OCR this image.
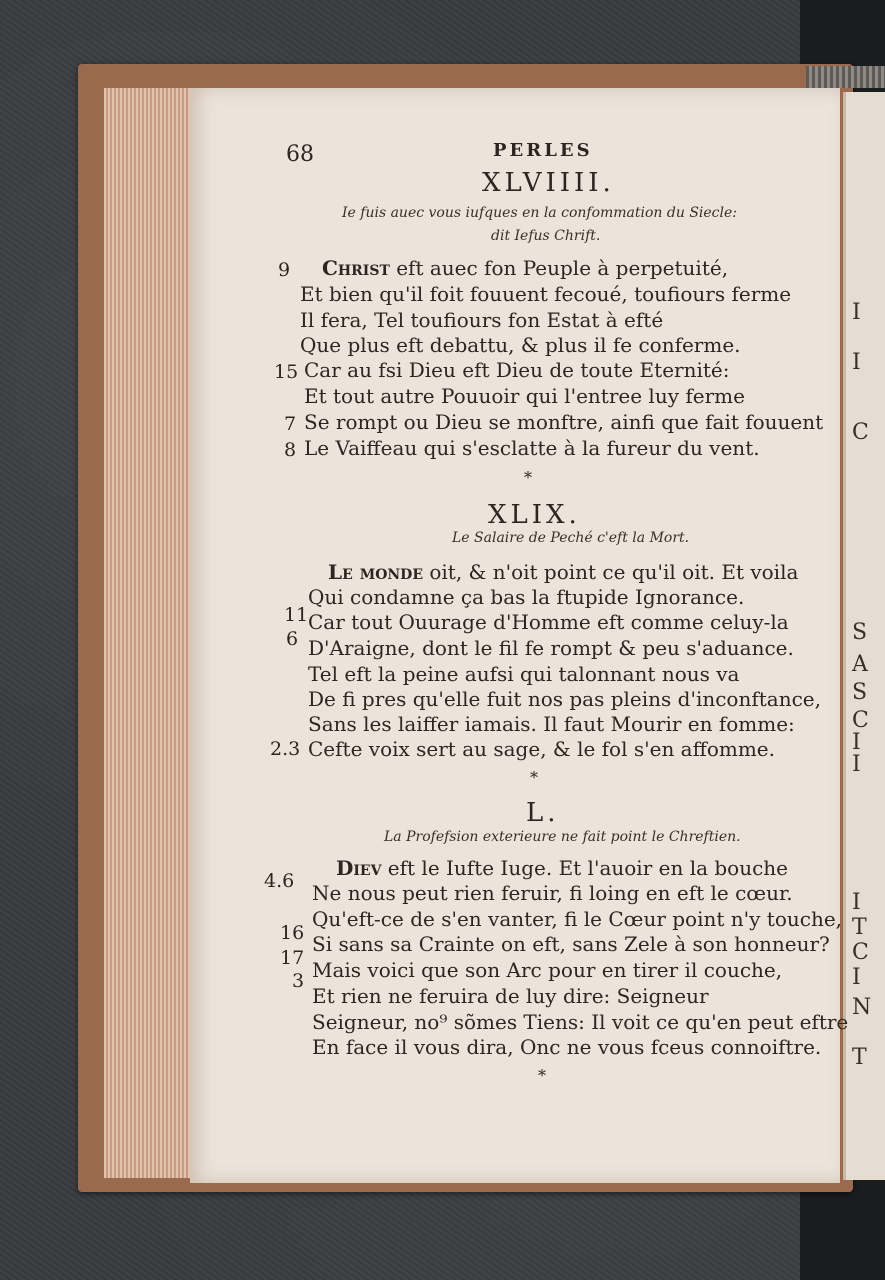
I
I
C
S
A
S
C
I
I
I
T
C
I
N
T
68	PERLES
XLVIIII.
Ie fuis auec vous iufques en la confommation du Siecle:
dit Iefus Chrift.
9 Christ eft auec fon Peuple à perpetuité,
Et bien qu'il foit fouuent fecoué, toufiours ferme
Il fera, Tel toufiours fon Estat à efté
Que plus eft debattu, & plus il fe conferme.
15 Car au fsi Dieu eft Dieu de toute Eternité:
Et tout autre Pouuoir qui l'entree luy ferme
7 Se rompt ou Dieu se monftre, ainfi que fait fouuent
8 Le Vaiffeau qui s'esclatte à la fureur du vent.
*
XLIX.
Le Salaire de Peché c'eft la Mort.
Le monde oit, & n'oit point ce qu'il oit. Et voila
Qui condamne ça bas la ftupide Ignorance.
11 Car tout Ouurage d'Homme eft comme celuy-la
6 D'Araigne, dont le fil fe rompt & peu s'aduance.
Tel eft la peine aufsi qui talonnant nous va
De fi pres qu'elle fuit nos pas pleins d'inconftance,
Sans les laiffer iamais. Il faut Mourir en fomme:
2.3 Cefte voix sert au sage, & le fol s'en affomme.
*
L.
La Profefsion exterieure ne fait point le Chreftien.
4.6
Diev eft le Iufte Iuge. Et l'auoir en la bouche
Ne nous peut rien feruir, fi loing en eft le cœur.
16
Qu'eft-ce de s'en vanter, fi le Cœur point n'y touche,
17
Si sans sa Crainte on eft, sans Zele à son honneur?
3 Mais voici que son Arc pour en tirer il couche,
Et rien ne feruira de luy dire: Seigneur
Seigneur, no⁹ sõmes Tiens: Il voit ce qu'en peut eftre
En face il vous dira, Onc ne vous fceus connoiftre.
*
